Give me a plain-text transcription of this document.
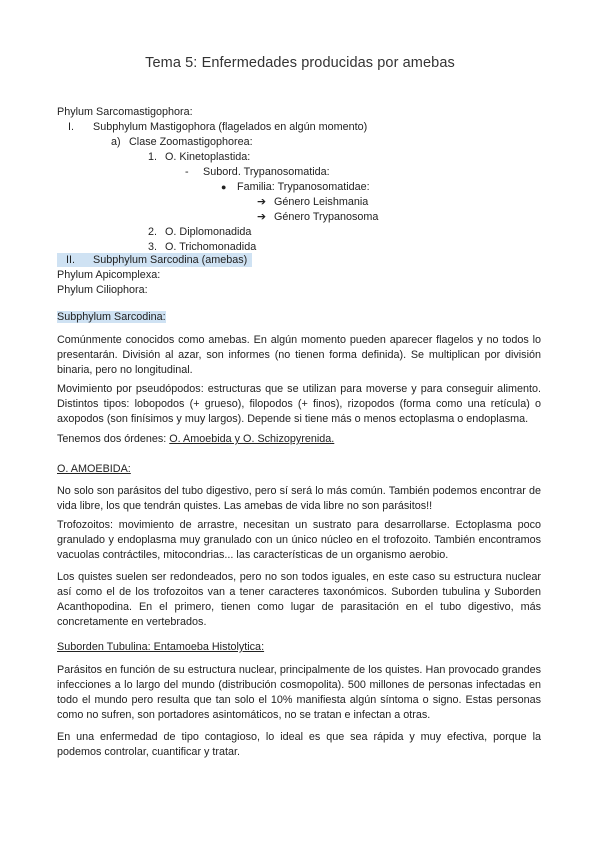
Tema 5: Enfermedades producidas por amebas
Phylum Sarcomastigophora:
I. Subphylum Mastigophora (flagelados en algún momento)
a) Clase Zoomastigophorea:
1. O. Kinetoplastida:
- Subord. Trypanosomatida:
● Familia: Trypanosomatidae:
➔ Género Leishmania
➔ Género Trypanosoma
2. O. Diplomonadida
3. O. Trichomonadida
II. Subphylum Sarcodina (amebas)
Phylum Apicomplexa:
Phylum Ciliophora:
Subphylum Sarcodina:
Comúnmente conocidos como amebas. En algún momento pueden aparecer flagelos y no todos lo presentarán. División al azar, son informes (no tienen forma definida). Se multiplican por división binaria, pero no longitudinal.
Movimiento por pseudópodos: estructuras que se utilizan para moverse y para conseguir alimento. Distintos tipos: lobopodos (+ grueso), filopodos (+ finos), rizopodos (forma como una retícula) o axopodos (son finísimos y muy largos). Depende si tiene más o menos ectoplasma o endoplasma.
Tenemos dos órdenes: O. Amoebida y O. Schizopyrenida.
O. AMOEBIDA:
No solo son parásitos del tubo digestivo, pero sí será lo más común. También podemos encontrar de vida libre, los que tendrán quistes. Las amebas de vida libre no son parásitos!!
Trofozoitos: movimiento de arrastre, necesitan un sustrato para desarrollarse. Ectoplasma poco granulado y endoplasma muy granulado con un único núcleo en el trofozoito. También encontramos vacuolas contráctiles, mitocondrias... las características de un organismo aerobio.
Los quistes suelen ser redondeados, pero no son todos iguales, en este caso su estructura nuclear así como el de los trofozoitos van a tener caracteres taxonómicos. Suborden tubulina y Suborden Acanthopodina. En el primero, tienen como lugar de parasitación en el tubo digestivo, más concretamente en vertebrados.
Suborden Tubulina: Entamoeba Histolytica:
Parásitos en función de su estructura nuclear, principalmente de los quistes. Han provocado grandes infecciones a lo largo del mundo (distribución cosmopolita). 500 millones de personas infectadas en todo el mundo pero resulta que tan solo el 10% manifiesta algún síntoma o signo. Estas personas como no sufren, son portadores asintomáticos, no se tratan e infectan a otras.
En una enfermedad de tipo contagioso, lo ideal es que sea rápida y muy efectiva, porque la podemos controlar, cuantificar y tratar.
